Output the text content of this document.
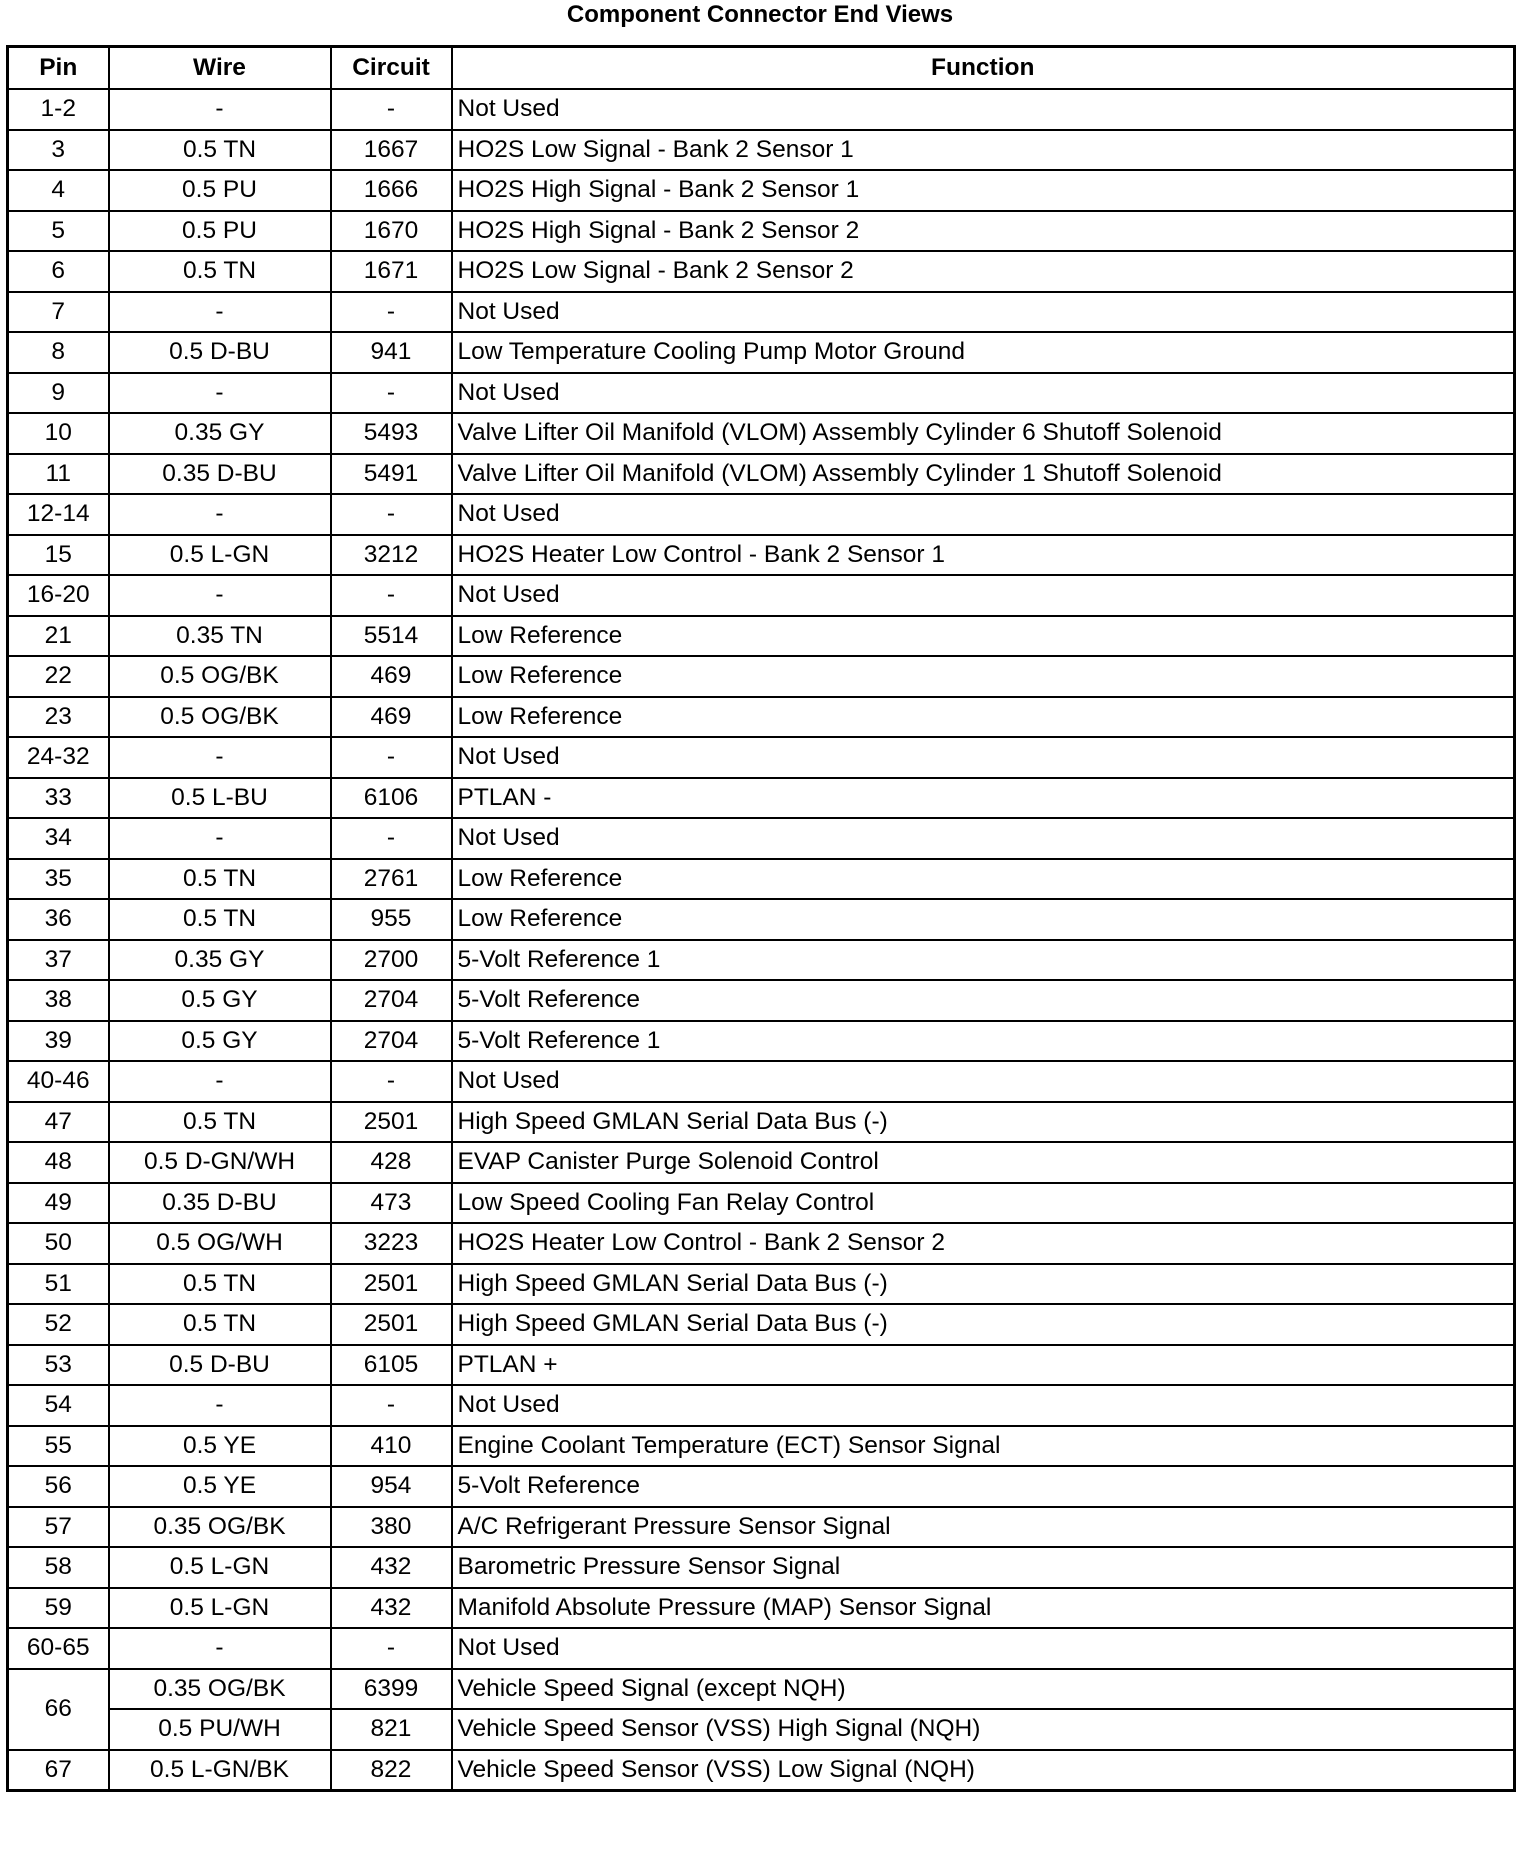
Component Connector End Views
Pin	Wire	Circuit	Function
1-2	-	-	Not Used
3	0.5 TN	1667	HO2S Low Signal - Bank 2 Sensor 1
4	0.5 PU	1666	HO2S High Signal - Bank 2 Sensor 1
5	0.5 PU	1670	HO2S High Signal - Bank 2 Sensor 2
6	0.5 TN	1671	HO2S Low Signal - Bank 2 Sensor 2
7	-	-	Not Used
8	0.5 D-BU	941	Low Temperature Cooling Pump Motor Ground
9	-	-	Not Used
10	0.35 GY	5493	Valve Lifter Oil Manifold (VLOM) Assembly Cylinder 6 Shutoff Solenoid
11	0.35 D-BU	5491	Valve Lifter Oil Manifold (VLOM) Assembly Cylinder 1 Shutoff Solenoid
12-14	-	-	Not Used
15	0.5 L-GN	3212	HO2S Heater Low Control - Bank 2 Sensor 1
16-20	-	-	Not Used
21	0.35 TN	5514	Low Reference
22	0.5 OG/BK	469	Low Reference
23	0.5 OG/BK	469	Low Reference
24-32	-	-	Not Used
33	0.5 L-BU	6106	PTLAN -
34	-	-	Not Used
35	0.5 TN	2761	Low Reference
36	0.5 TN	955	Low Reference
37	0.35 GY	2700	5-Volt Reference 1
38	0.5 GY	2704	5-Volt Reference
39	0.5 GY	2704	5-Volt Reference 1
40-46	-	-	Not Used
47	0.5 TN	2501	High Speed GMLAN Serial Data Bus (-)
48	0.5 D-GN/WH	428	EVAP Canister Purge Solenoid Control
49	0.35 D-BU	473	Low Speed Cooling Fan Relay Control
50	0.5 OG/WH	3223	HO2S Heater Low Control - Bank 2 Sensor 2
51	0.5 TN	2501	High Speed GMLAN Serial Data Bus (-)
52	0.5 TN	2501	High Speed GMLAN Serial Data Bus (-)
53	0.5 D-BU	6105	PTLAN +
54	-	-	Not Used
55	0.5 YE	410	Engine Coolant Temperature (ECT) Sensor Signal
56	0.5 YE	954	5-Volt Reference
57	0.35 OG/BK	380	A/C Refrigerant Pressure Sensor Signal
58	0.5 L-GN	432	Barometric Pressure Sensor Signal
59	0.5 L-GN	432	Manifold Absolute Pressure (MAP) Sensor Signal
60-65	-	-	Not Used
66	0.35 OG/BK	6399	Vehicle Speed Signal (except NQH)
	0.5 PU/WH	821	Vehicle Speed Sensor (VSS) High Signal (NQH)
67	0.5 L-GN/BK	822	Vehicle Speed Sensor (VSS) Low Signal (NQH)
